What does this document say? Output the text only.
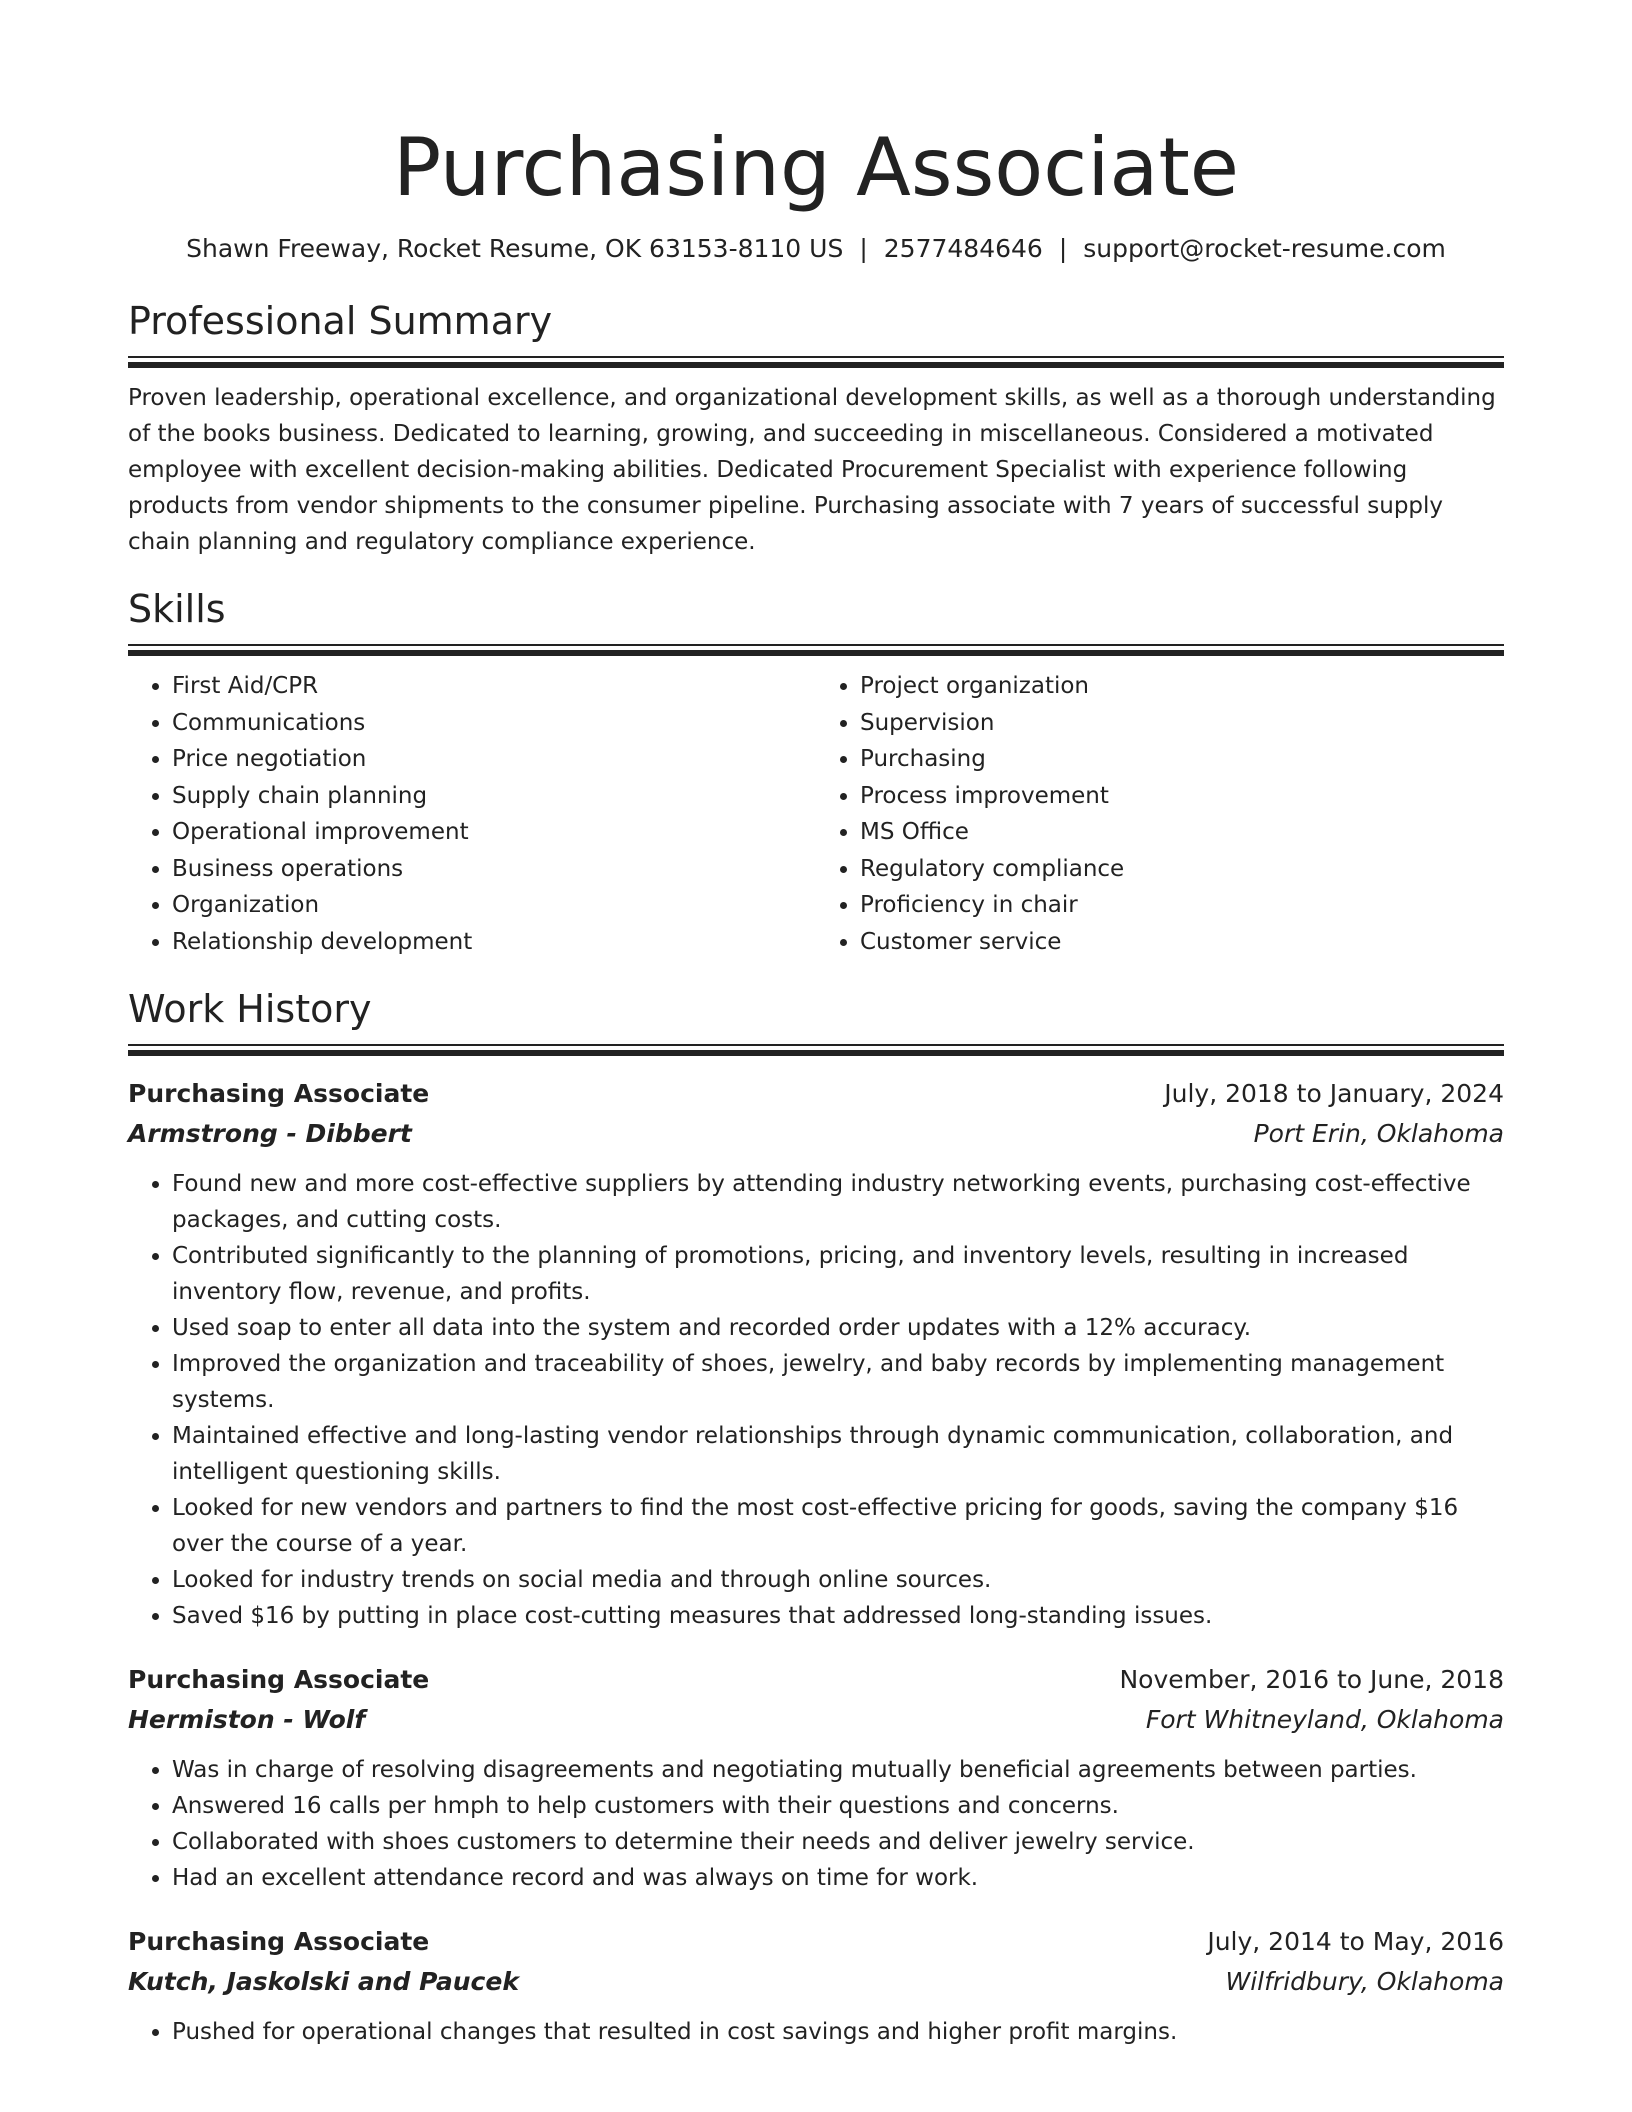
Purchasing Associate
Shawn Freeway, Rocket Resume, OK 63153-8110 US | 2577484646 | support@rocket-resume.com
Professional Summary

Proven leadership, operational excellence, and organizational development skills, as well as a thorough understanding of the books business. Dedicated to learning, growing, and succeeding in miscellaneous. Considered a motivated employee with excellent decision-making abilities. Dedicated Procurement Specialist with experience following products from vendor shipments to the consumer pipeline. Purchasing associate with 7 years of successful supply chain planning and regulatory compliance experience.

Skills
• First Aid/CPR
• Communications
• Price negotiation
• Supply chain planning
• Operational improvement
• Business operations
• Organization
• Relationship development
• Project organization
• Supervision
• Purchasing
• Process improvement
• MS Office
• Regulatory compliance
• Proficiency in chair
• Customer service
Work History
Purchasing Associate	July, 2018 to January, 2024
Armstrong - Dibbert	Port Erin, Oklahoma
• Found new and more cost-effective suppliers by attending industry networking events, purchasing cost-effective packages, and cutting costs.
• Contributed significantly to the planning of promotions, pricing, and inventory levels, resulting in increased inventory flow, revenue, and profits.
• Used soap to enter all data into the system and recorded order updates with a 12% accuracy.
• Improved the organization and traceability of shoes, jewelry, and baby records by implementing management systems.
• Maintained effective and long-lasting vendor relationships through dynamic communication, collaboration, and intelligent questioning skills.
• Looked for new vendors and partners to find the most cost-effective pricing for goods, saving the company $16 over the course of a year.
• Looked for industry trends on social media and through online sources.
• Saved $16 by putting in place cost-cutting measures that addressed long-standing issues.
Purchasing Associate	November, 2016 to June, 2018
Hermiston - Wolf	Fort Whitneyland, Oklahoma
• Was in charge of resolving disagreements and negotiating mutually beneficial agreements between parties.
• Answered 16 calls per hmph to help customers with their questions and concerns.
• Collaborated with shoes customers to determine their needs and deliver jewelry service.
• Had an excellent attendance record and was always on time for work.
Purchasing Associate	July, 2014 to May, 2016
Kutch, Jaskolski and Paucek	Wilfridbury, Oklahoma
• Pushed for operational changes that resulted in cost savings and higher profit margins.
